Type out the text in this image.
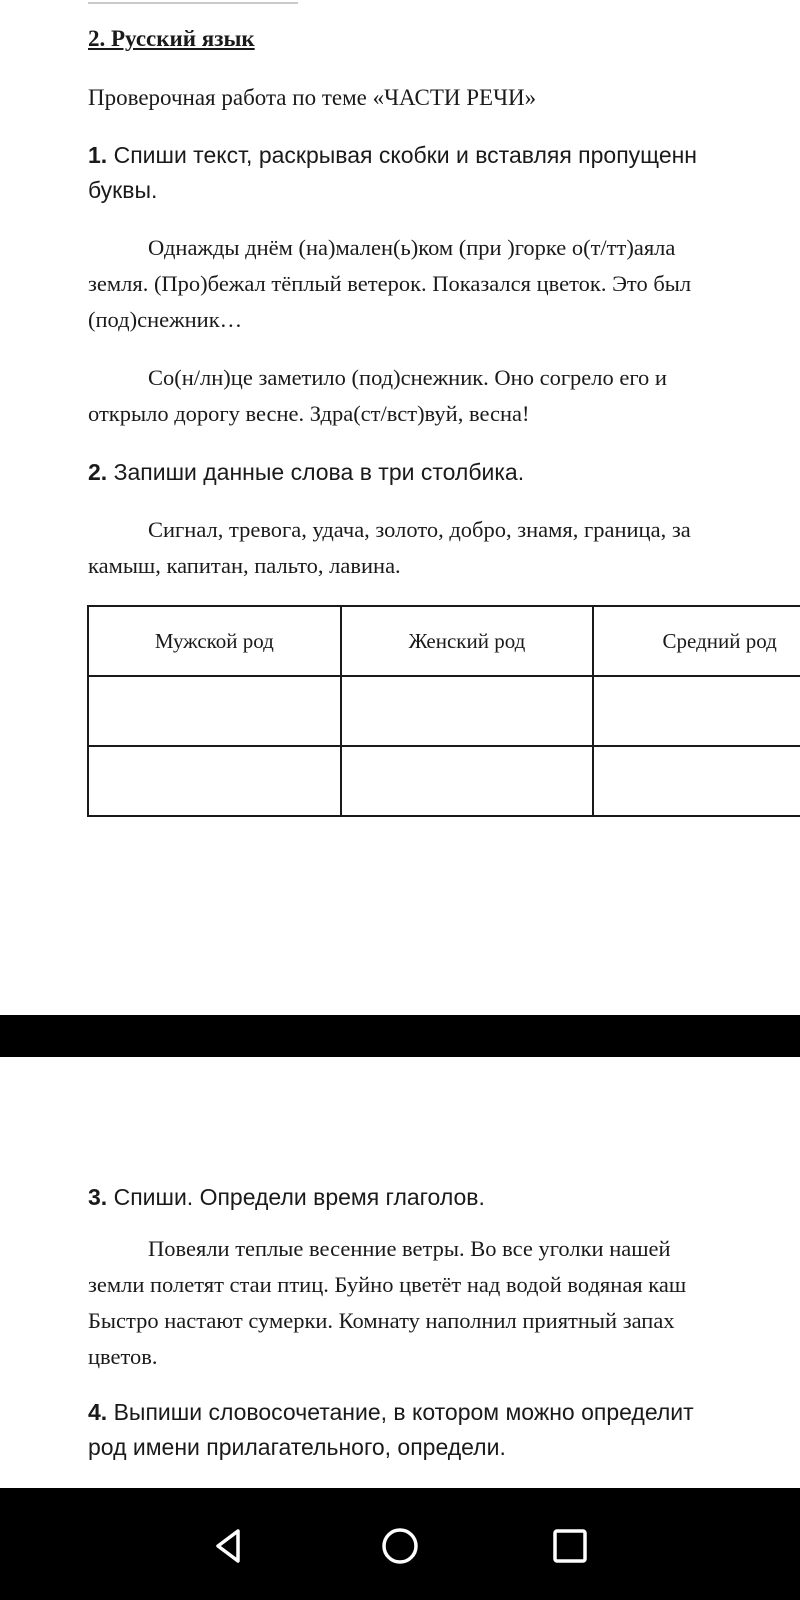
2. Русский язык

Проверочная работа по теме «ЧАСТИ РЕЧИ»

1. Спиши текст, раскрывая скобки и вставляя пропущенн
буквы.

Однажды днём (на)мален(ь)ком (при )горке о(т/тт)аяла
земля. (Про)бежал тёплый ветерок. Показался цветок. Это был
(под)снежник…

Со(н/лн)це заметило (под)снежник. Оно согрело его и
открыло дорогу весне. Здра(ст/вст)вуй, весна!

2. Запиши данные слова в три столбика.

Сигнал, тревога, удача, золото, добро, знамя, граница, за
камыш, капитан, пальто, лавина.

Мужской род	Женский род	Средний род

3. Спиши. Определи время глаголов.

Повеяли теплые весенние ветры. Во все уголки нашей
земли полетят стаи птиц. Буйно цветёт над водой водяная каш
Быстро настают сумерки. Комнату наполнил приятный запах
цветов.

4. Выпиши словосочетание, в котором можно определит
род имени прилагательного, определи.
